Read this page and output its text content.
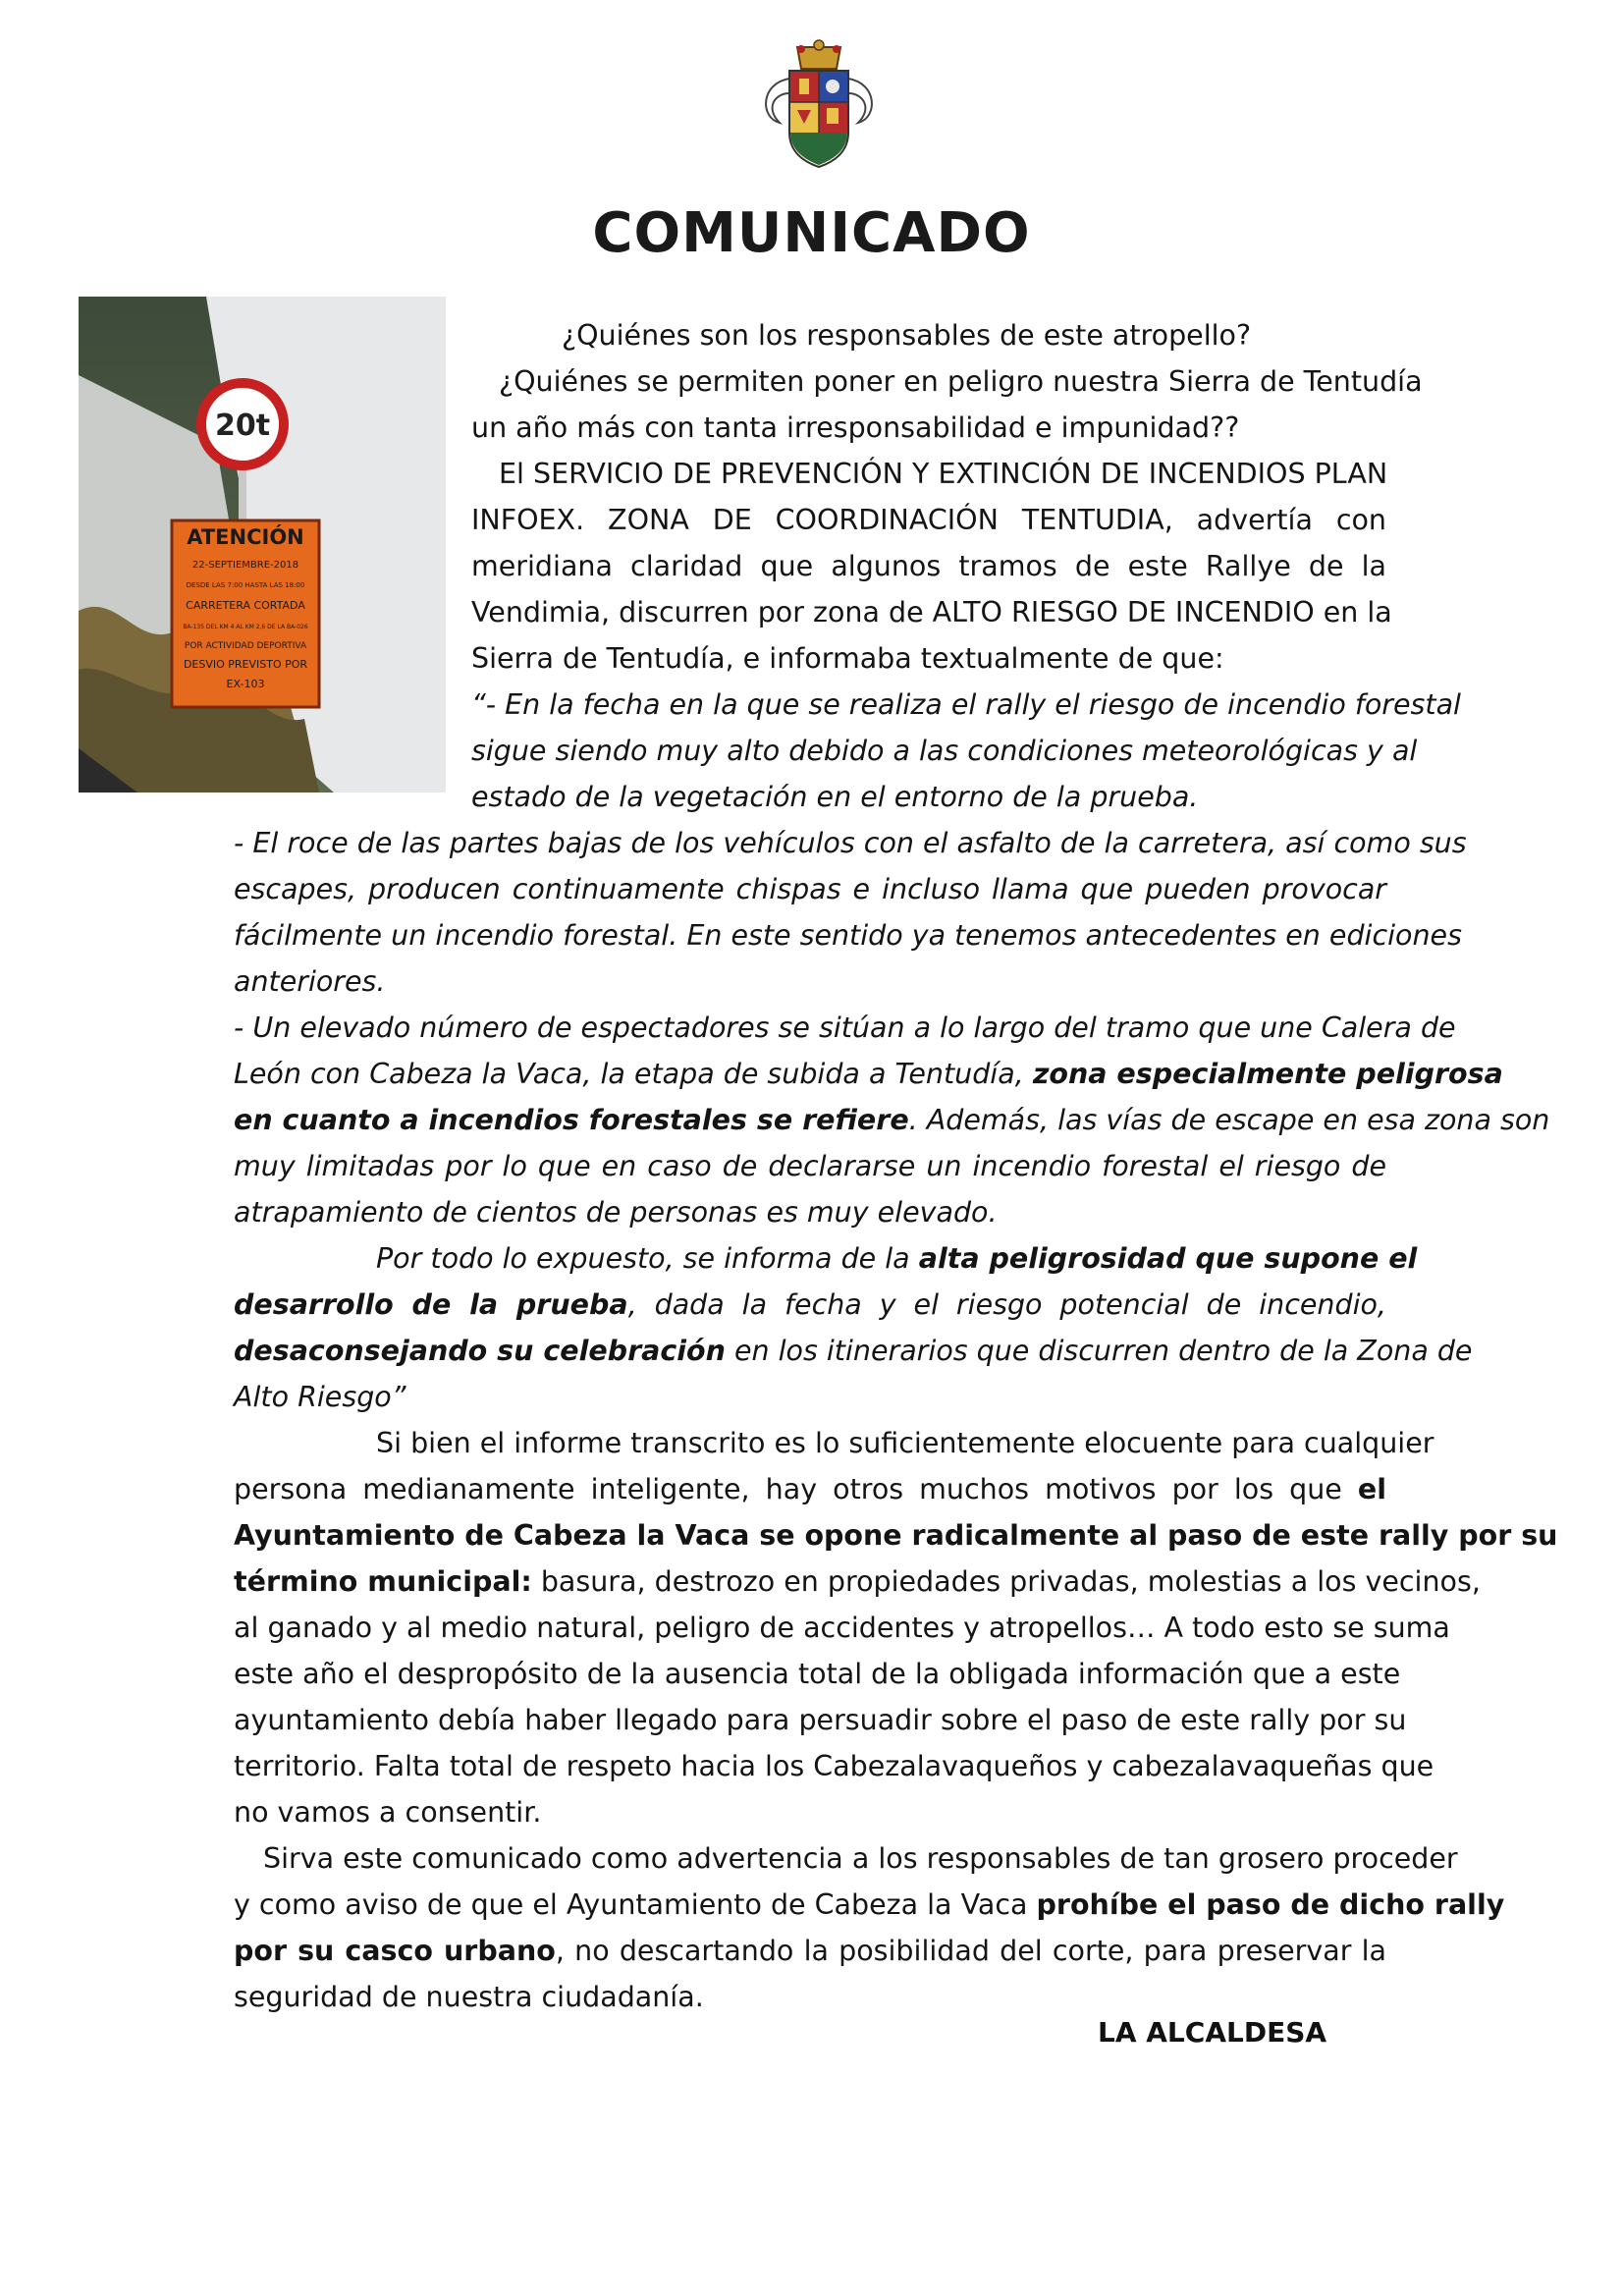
COMUNICADO
20t
ATENCIÓN
22-SEPTIEMBRE-2018
DESDE LAS 7:00 HASTA LAS 18:00
CARRETERA CORTADA
BA-135 DEL KM 4 AL KM 2,6 DE LA BA-026
POR ACTIVIDAD DEPORTIVA
DESVIO PREVISTO POR
EX-103
¿Quiénes son los responsables de este atropello?
¿Quiénes se permiten poner en peligro nuestra Sierra de Tentudía
un año más con tanta irresponsabilidad e impunidad??
El SERVICIO DE PREVENCIÓN Y EXTINCIÓN DE INCENDIOS PLAN
INFOEX. ZONA DE COORDINACIÓN TENTUDIA, advertía con
meridiana claridad que algunos tramos de este Rallye de la
Vendimia, discurren por zona de ALTO RIESGO DE INCENDIO en la
Sierra de Tentudía, e informaba textualmente de que:
“- En la fecha en la que se realiza el rally el riesgo de incendio forestal
sigue siendo muy alto debido a las condiciones meteorológicas y al
estado de la vegetación en el entorno de la prueba.
- El roce de las partes bajas de los vehículos con el asfalto de la carretera, así como sus
escapes, producen continuamente chispas e incluso llama que pueden provocar
fácilmente un incendio forestal. En este sentido ya tenemos antecedentes en ediciones
anteriores.
- Un elevado número de espectadores se sitúan a lo largo del tramo que une Calera de
León con Cabeza la Vaca, la etapa de subida a Tentudía, zona especialmente peligrosa
en cuanto a incendios forestales se refiere. Además, las vías de escape en esa zona son
muy limitadas por lo que en caso de declararse un incendio forestal el riesgo de
atrapamiento de cientos de personas es muy elevado.
Por todo lo expuesto, se informa de la alta peligrosidad que supone el
desarrollo de la prueba, dada la fecha y el riesgo potencial de incendio,
desaconsejando su celebración en los itinerarios que discurren dentro de la Zona de
Alto Riesgo”
Si bien el informe transcrito es lo suficientemente elocuente para cualquier
persona medianamente inteligente, hay otros muchos motivos por los que el
Ayuntamiento de Cabeza la Vaca se opone radicalmente al paso de este rally por su
término municipal: basura, destrozo en propiedades privadas, molestias a los vecinos,
al ganado y al medio natural, peligro de accidentes y atropellos… A todo esto se suma
este año el despropósito de la ausencia total de la obligada información que a este
ayuntamiento debía haber llegado para persuadir sobre el paso de este rally por su
territorio. Falta total de respeto hacia los Cabezalavaqueños y cabezalavaqueñas que
no vamos a consentir.
Sirva este comunicado como advertencia a los responsables de tan grosero proceder
y como aviso de que el Ayuntamiento de Cabeza la Vaca prohíbe el paso de dicho rally
por su casco urbano, no descartando la posibilidad del corte, para preservar la
seguridad de nuestra ciudadanía.
LA ALCALDESA
